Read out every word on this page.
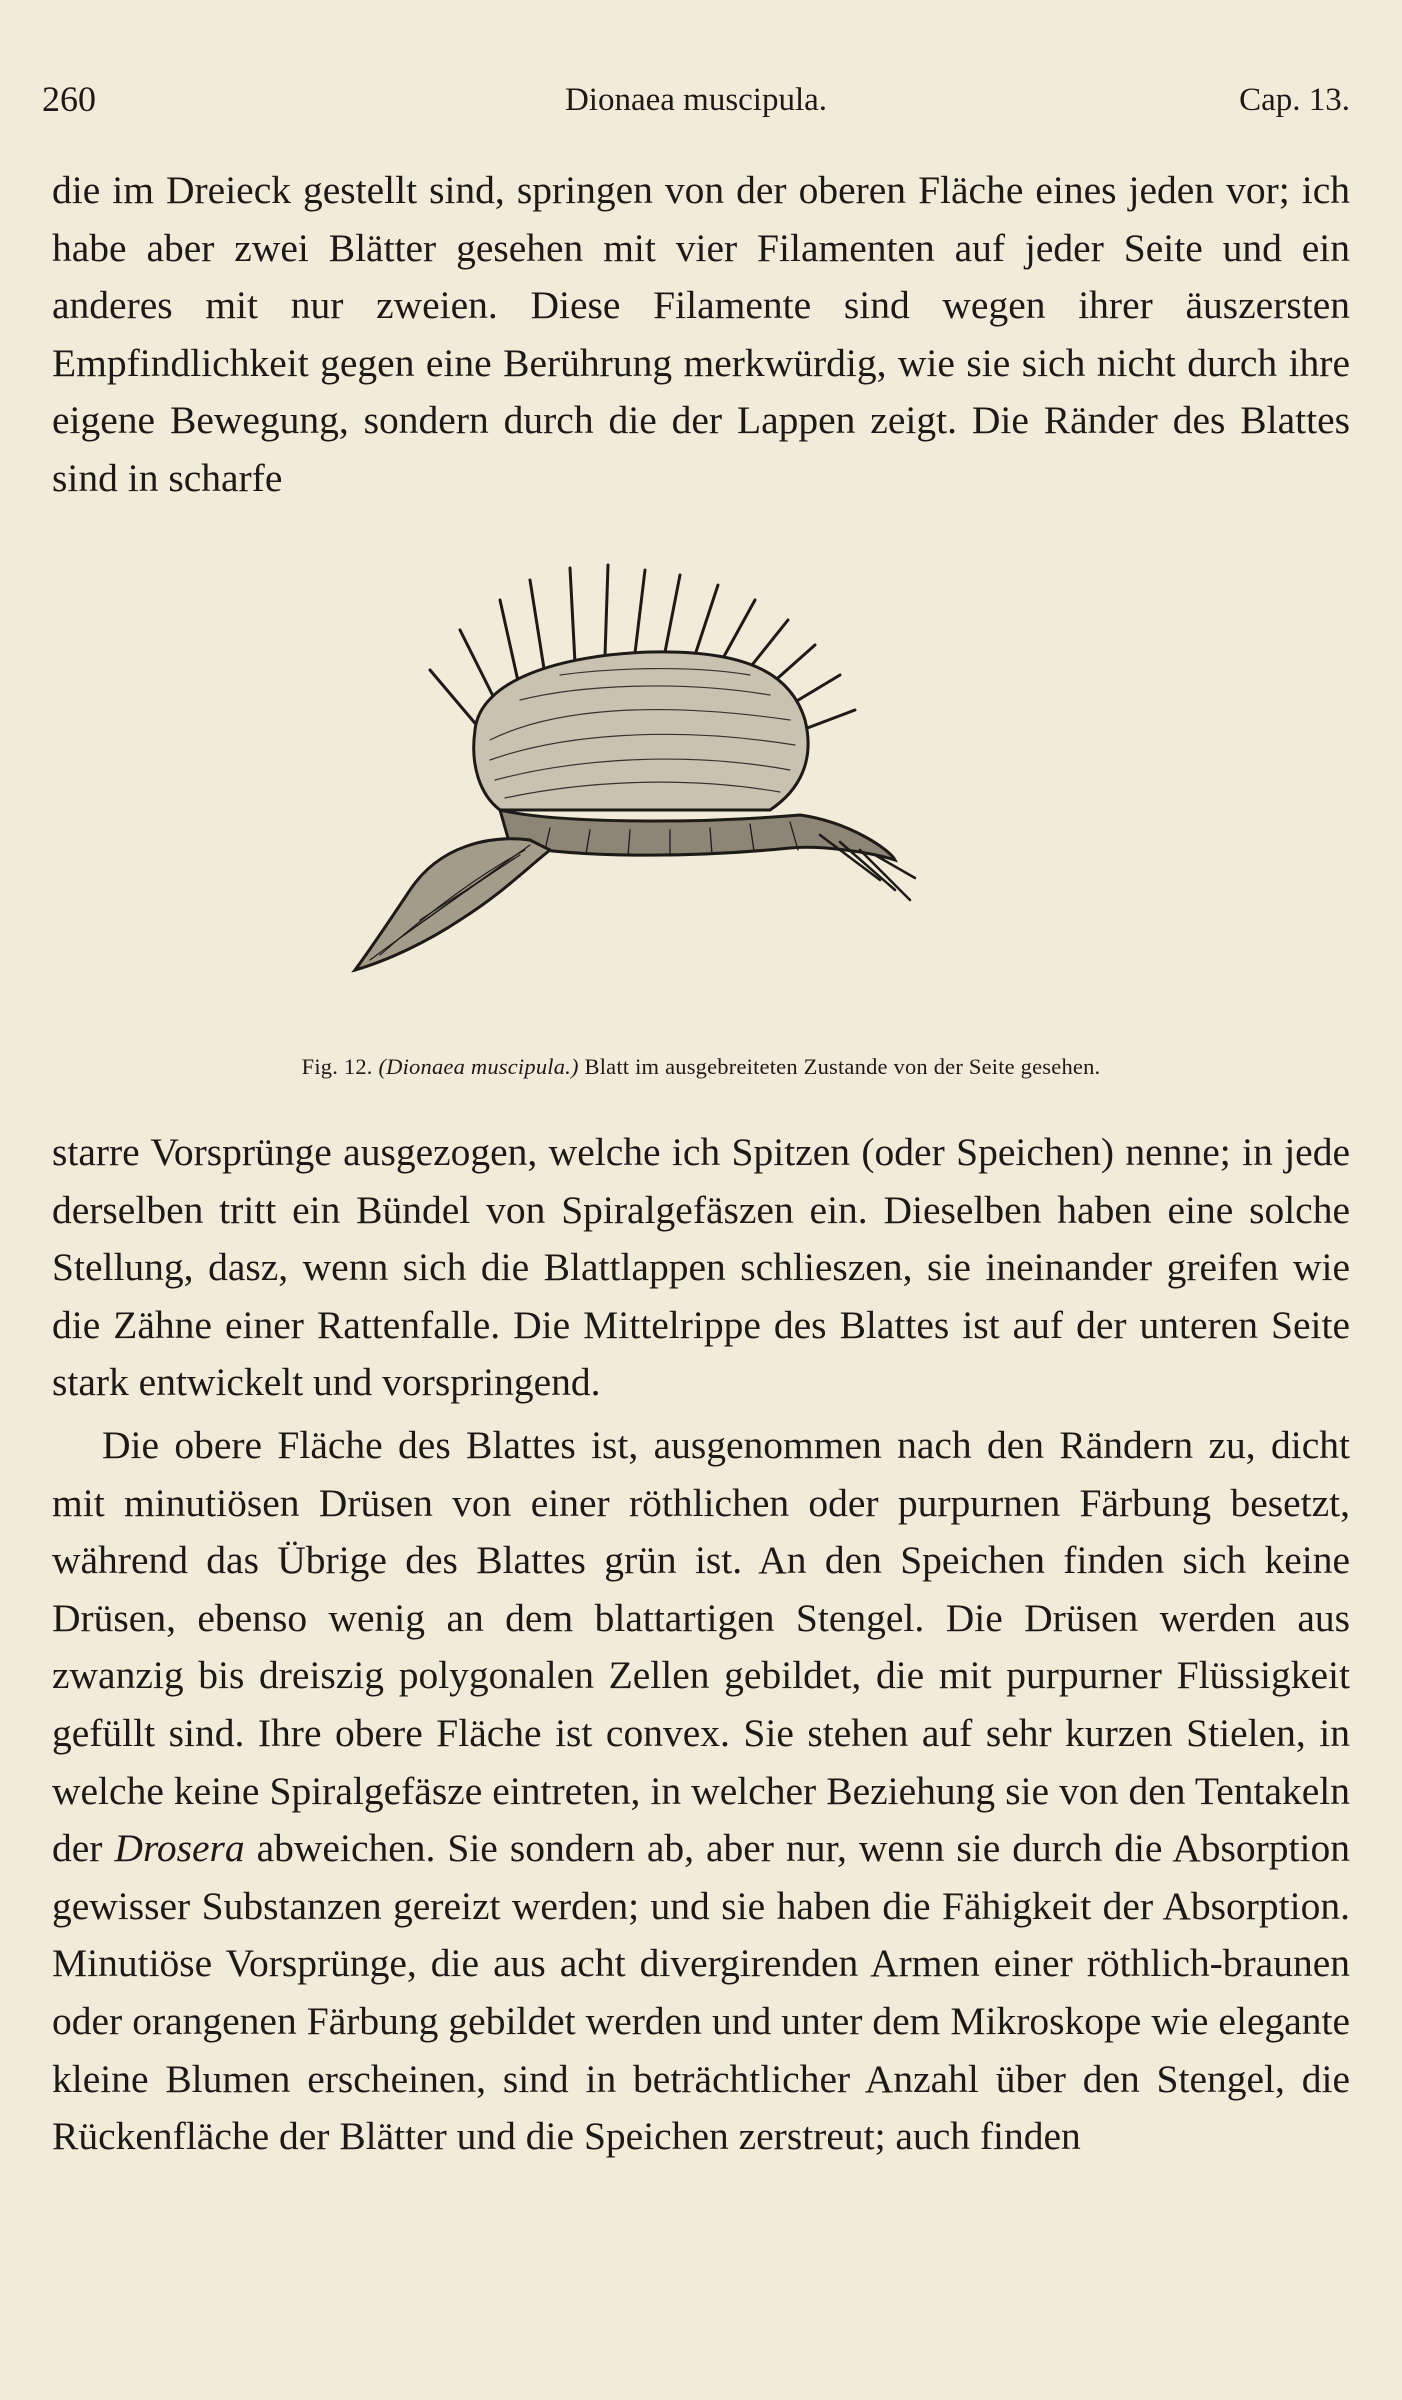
260	Dionaea muscipula.	Cap. 13.

die im Dreieck gestellt sind, springen von der oberen Fläche eines jeden vor; ich habe aber zwei Blätter gesehen mit vier Filamenten auf jeder Seite und ein anderes mit nur zweien. Diese Filamente sind wegen ihrer äuszersten Empfindlichkeit gegen eine Berührung merkwürdig, wie sie sich nicht durch ihre eigene Bewegung, sondern durch die der Lappen zeigt. Die Ränder des Blattes sind in scharfe

Fig. 12. (Dionaea muscipula.) Blatt im ausgebreiteten Zustande von der Seite gesehen.

starre Vorsprünge ausgezogen, welche ich Spitzen (oder Speichen) nenne; in jede derselben tritt ein Bündel von Spiralgefäszen ein. Dieselben haben eine solche Stellung, dasz, wenn sich die Blattlappen schlieszen, sie ineinander greifen wie die Zähne einer Rattenfalle. Die Mittelrippe des Blattes ist auf der unteren Seite stark entwickelt und vorspringend.

Die obere Fläche des Blattes ist, ausgenommen nach den Rändern zu, dicht mit minutiösen Drüsen von einer röthlichen oder purpurnen Färbung besetzt, während das Übrige des Blattes grün ist. An den Speichen finden sich keine Drüsen, ebenso wenig an dem blattartigen Stengel. Die Drüsen werden aus zwanzig bis dreiszig polygonalen Zellen gebildet, die mit purpurner Flüssigkeit gefüllt sind. Ihre obere Fläche ist convex. Sie stehen auf sehr kurzen Stielen, in welche keine Spiralgefäsze eintreten, in welcher Beziehung sie von den Tentakeln der Drosera abweichen. Sie sondern ab, aber nur, wenn sie durch die Absorption gewisser Substanzen gereizt werden; und sie haben die Fähigkeit der Absorption. Minutiöse Vorsprünge, die aus acht divergirenden Armen einer röthlich-braunen oder orangenen Färbung gebildet werden und unter dem Mikroskope wie elegante kleine Blumen erscheinen, sind in beträchtlicher Anzahl über den Stengel, die Rückenfläche der Blätter und die Speichen zerstreut; auch finden
